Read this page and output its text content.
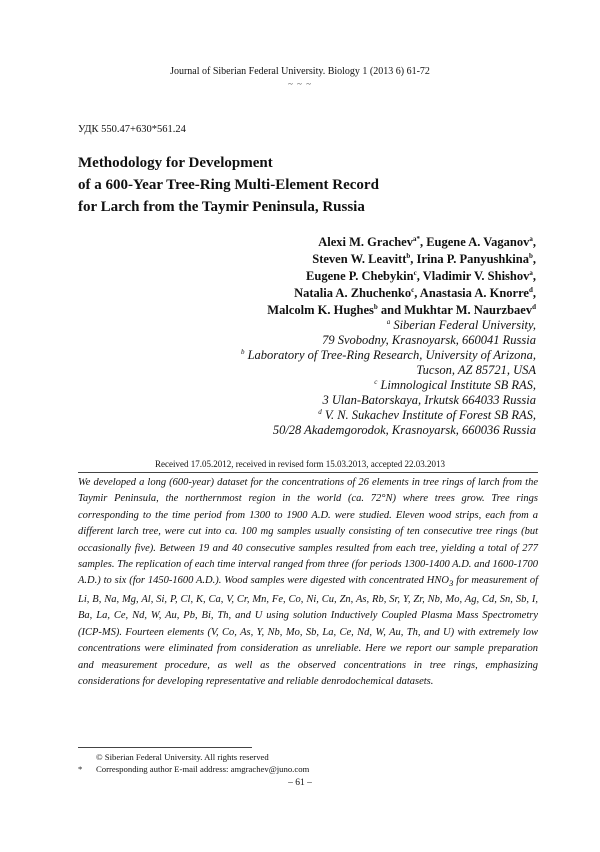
Journal of Siberian Federal University. Biology 1 (2013 6) 61-72
~ ~ ~
УДК 550.47+630*561.24
Methodology for Development
of a 600-Year Tree-Ring Multi-Element Record
for Larch from the Taymir Peninsula, Russia
Alexi M. Grachev$^{a*}$, Eugene A. Vaganov$^a$,
Steven W. Leavitt$^b$, Irina P. Panyushkina$^b$,
Eugene P. Chebykin$^c$, Vladimir V. Shishov$^a$,
Natalia A. Zhuchenko$^c$, Anastasia A. Knorre$^d$,
Malcolm K. Hughes$^b$ and Mukhtar M. Naurzbaev$^d$
$^a$ Siberian Federal University,
79 Svobodny, Krasnoyarsk, 660041 Russia
$^b$ Laboratory of Tree-Ring Research, University of Arizona,
Tucson, AZ 85721, USA
$^c$ Limnological Institute SB RAS,
3 Ulan-Batorskaya, Irkutsk 664033 Russia
$^d$ V. N. Sukachev Institute of Forest SB RAS,
50/28 Akademgorodok, Krasnoyarsk, 660036 Russia
Received 17.05.2012, received in revised form 15.03.2013, accepted 22.03.2013
We developed a long (600-year) dataset for the concentrations of 26 elements in tree rings of larch from the Taymir Peninsula, the northernmost region in the world (ca. 72°N) where trees grow. Tree rings corresponding to the time period from 1300 to 1900 A.D. were studied. Eleven wood strips, each from a different larch tree, were cut into ca. 100 mg samples usually consisting of ten consecutive tree rings (but occasionally five). Between 19 and 40 consecutive samples resulted from each tree, yielding a total of 277 samples. The replication of each time interval ranged from three (for periods 1300-1400 A.D. and 1600-1700 A.D.) to six (for 1450-1600 A.D.). Wood samples were digested with concentrated $HNO_3$ for measurement of Li, B, Na, Mg, Al, Si, P, Cl, K, Ca, V, Cr, Mn, Fe, Co, Ni, Cu, Zn, As, Rb, Sr, Y, Zr, Nb, Mo, Ag, Cd, Sn, Sb, I, Ba, La, Ce, Nd, W, Au, Pb, Bi, Th, and U using solution Inductively Coupled Plasma Mass Spectrometry (ICP-MS). Fourteen elements (V, Co, As, Y, Nb, Mo, Sb, La, Ce, Nd, W, Au, Th, and U) with extremely low concentrations were eliminated from consideration as unreliable. Here we report our sample preparation and measurement procedure, as well as the observed concentrations in tree rings, emphasizing considerations for developing representative and reliable denrodochemical datasets.
© Siberian Federal University. All rights reserved
* Corresponding author E-mail address: amgrachev@juno.com
– 61 –
